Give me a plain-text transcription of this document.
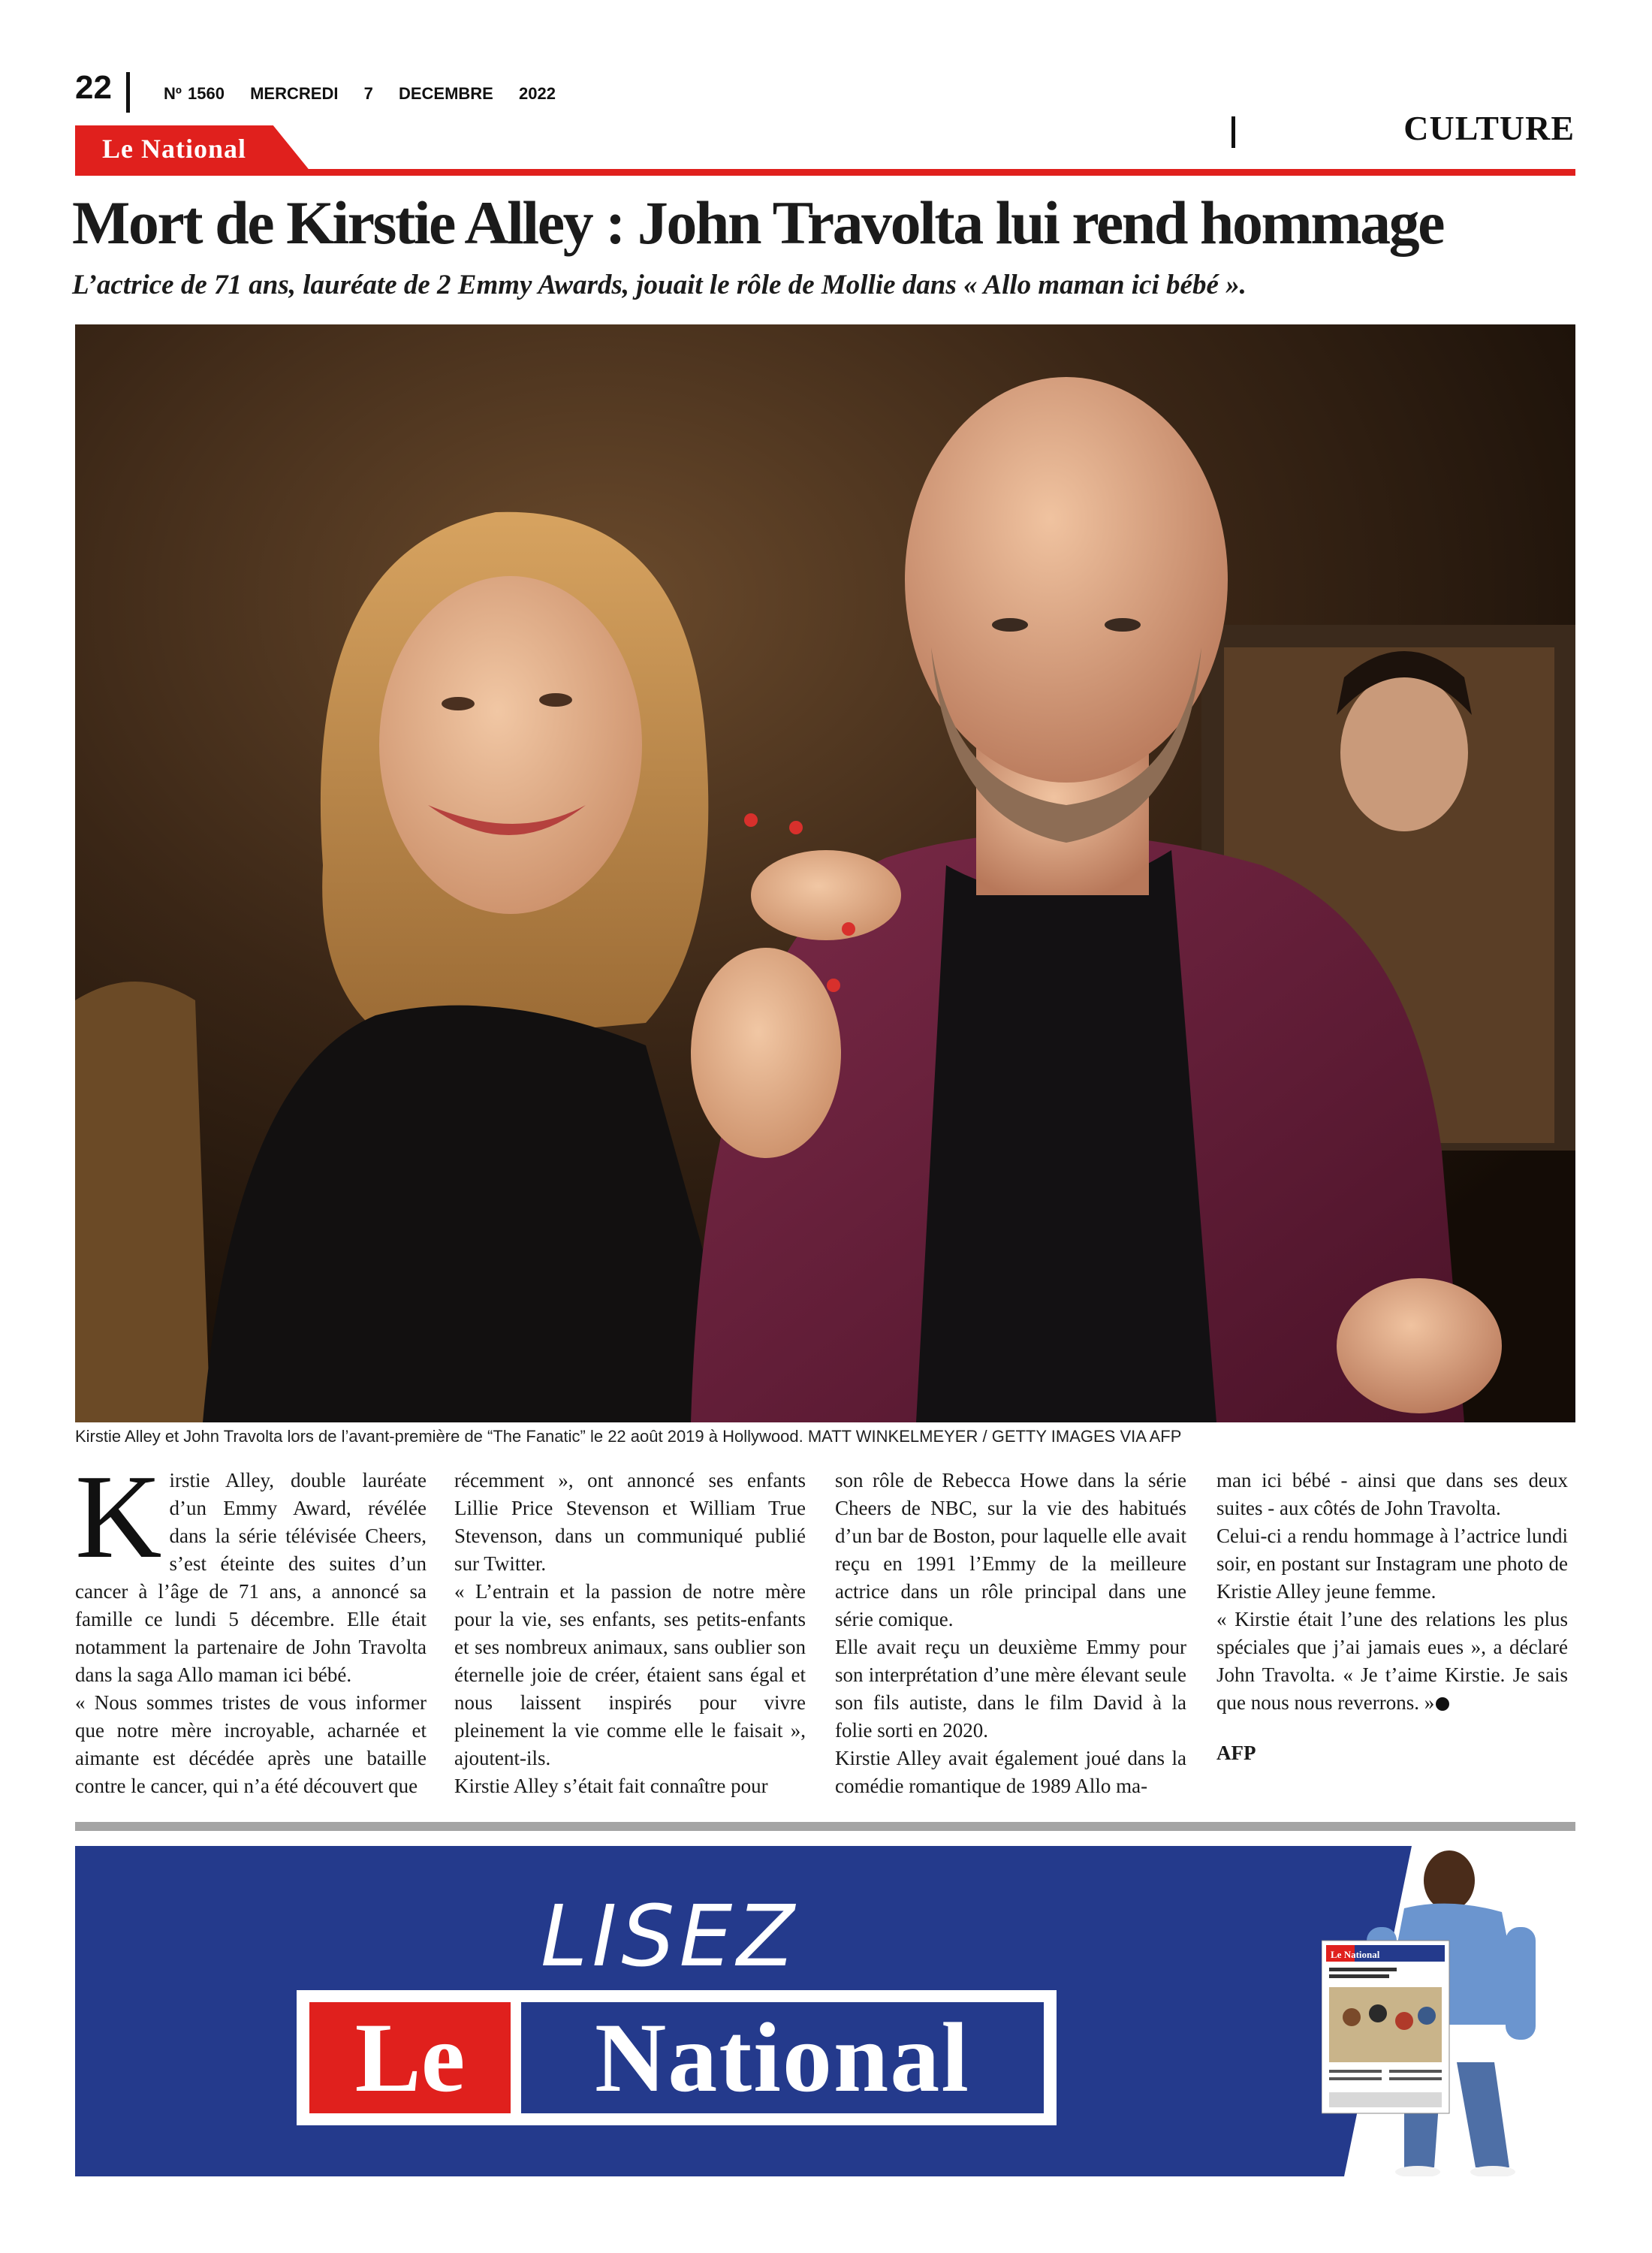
22	Nº 1560 MERCREDI 7 DECEMBRE 2022
Le National
CULTURE
Mort de Kirstie Alley : John Travolta lui rend hommage
L’actrice de 71 ans, lauréate de 2 Emmy Awards, jouait le rôle de Mollie dans « Allo maman ici bébé ».
Kirstie Alley et John Travolta lors de l’avant-première de “The Fanatic” le 22 août 2019 à Hollywood. MATT WINKELMEYER / GETTY IMAGES VIA AFP

Kirstie Alley, double lauréate d’un Emmy Award, révélée dans la série télévisée Cheers, s’est éteinte des suites d’un cancer à l’âge de 71 ans, a annoncé sa famille ce lundi 5 décembre. Elle était notamment la partenaire de John Travolta dans la saga Allo maman ici bébé.

« Nous sommes tristes de vous informer que notre mère incroyable, acharnée et aimante est décédée après une bataille contre le cancer, qui n’a été découvert que

récemment », ont annoncé ses enfants Lillie Price Stevenson et William True Stevenson, dans un communiqué publié sur Twitter.

« L’entrain et la passion de notre mère pour la vie, ses enfants, ses petits-enfants et ses nombreux animaux, sans oublier son éternelle joie de créer, étaient sans égal et nous laissent inspirés pour vivre pleinement la vie comme elle le faisait », ajoutent-ils.

Kirstie Alley s’était fait connaître pour

son rôle de Rebecca Howe dans la série Cheers de NBC, sur la vie des habitués d’un bar de Boston, pour laquelle elle avait reçu en 1991 l’Emmy de la meilleure actrice dans un rôle principal dans une série comique.

Elle avait reçu un deuxième Emmy pour son interprétation d’une mère élevant seule son fils autiste, dans le film David à la folie sorti en 2020.

Kirstie Alley avait également joué dans la comédie romantique de 1989 Allo ma-

man ici bébé - ainsi que dans ses deux suites - aux côtés de John Travolta.

Celui-ci a rendu hommage à l’actrice lundi soir, en postant sur Instagram une photo de Kristie Alley jeune femme.

« Kirstie était l’une des relations les plus spéciales que j’ai jamais eues », a déclaré John Travolta. « Je t’aime Kirstie. Je sais que nous nous reverrons. »

AFP

LISEZ
Le	National
Le National
